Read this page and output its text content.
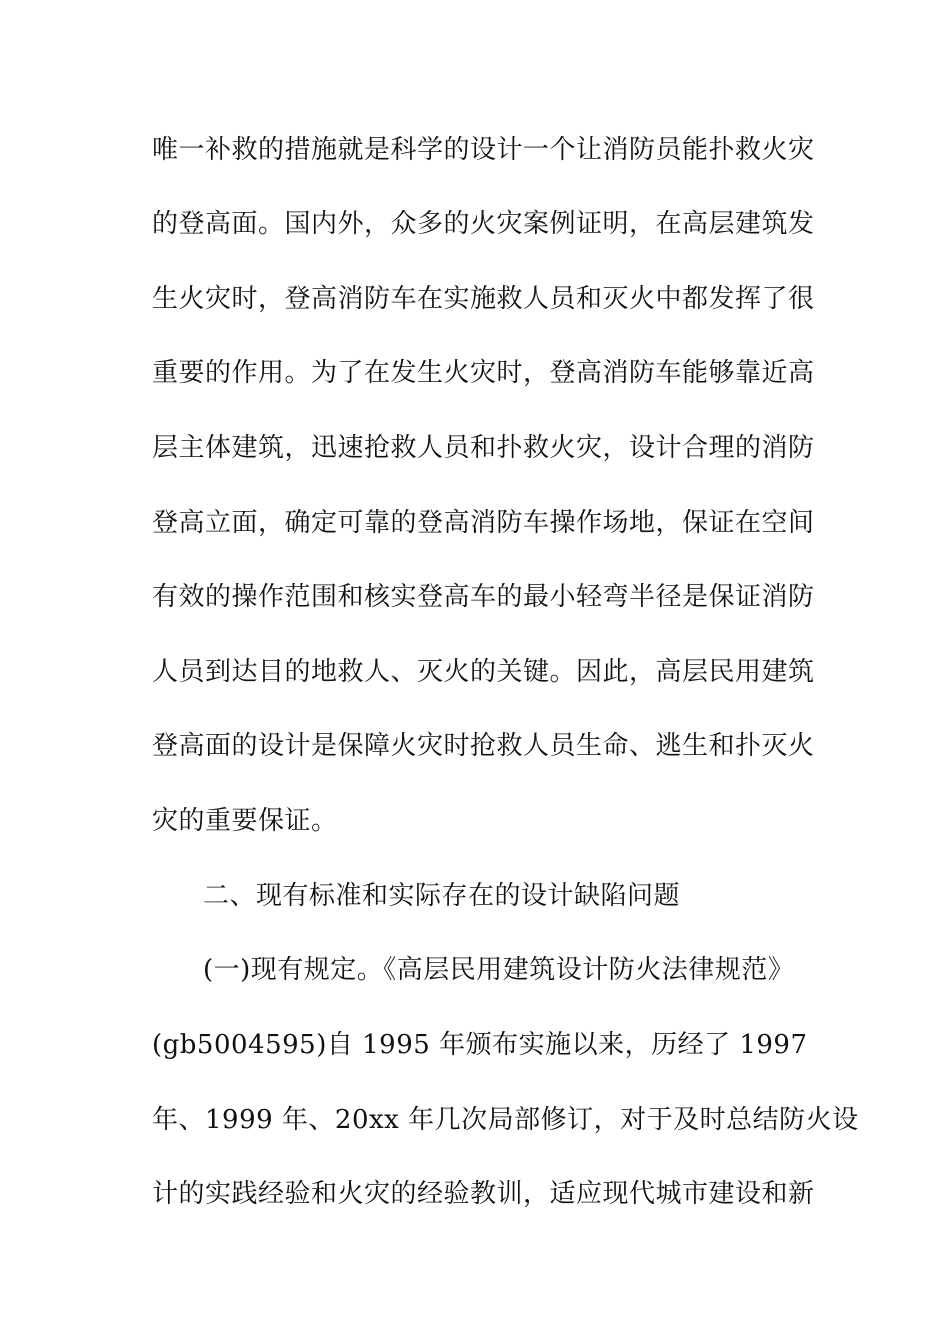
唯一补救的措施就是科学的设计一个让消防员能扑救火灾
的登高面。国内外，众多的火灾案例证明，在高层建筑发
生火灾时，登高消防车在实施救人员和灭火中都发挥了很
重要的作用。为了在发生火灾时，登高消防车能够靠近高
层主体建筑，迅速抢救人员和扑救火灾，设计合理的消防
登高立面，确定可靠的登高消防车操作场地，保证在空间
有效的操作范围和核实登高车的最小轻弯半径是保证消防
人员到达目的地救人、灭火的关键。因此，高层民用建筑
登高面的设计是保障火灾时抢救人员生命、逃生和扑灭火
灾的重要保证。
二、现有标准和实际存在的设计缺陷问题
(一)现有规定。《高层民用建筑设计防火法律规范》
(gb5004595)自 1995 年颁布实施以来，历经了 1997
年、1999 年、20xx 年几次局部修订，对于及时总结防火设
计的实践经验和火灾的经验教训，适应现代城市建设和新
